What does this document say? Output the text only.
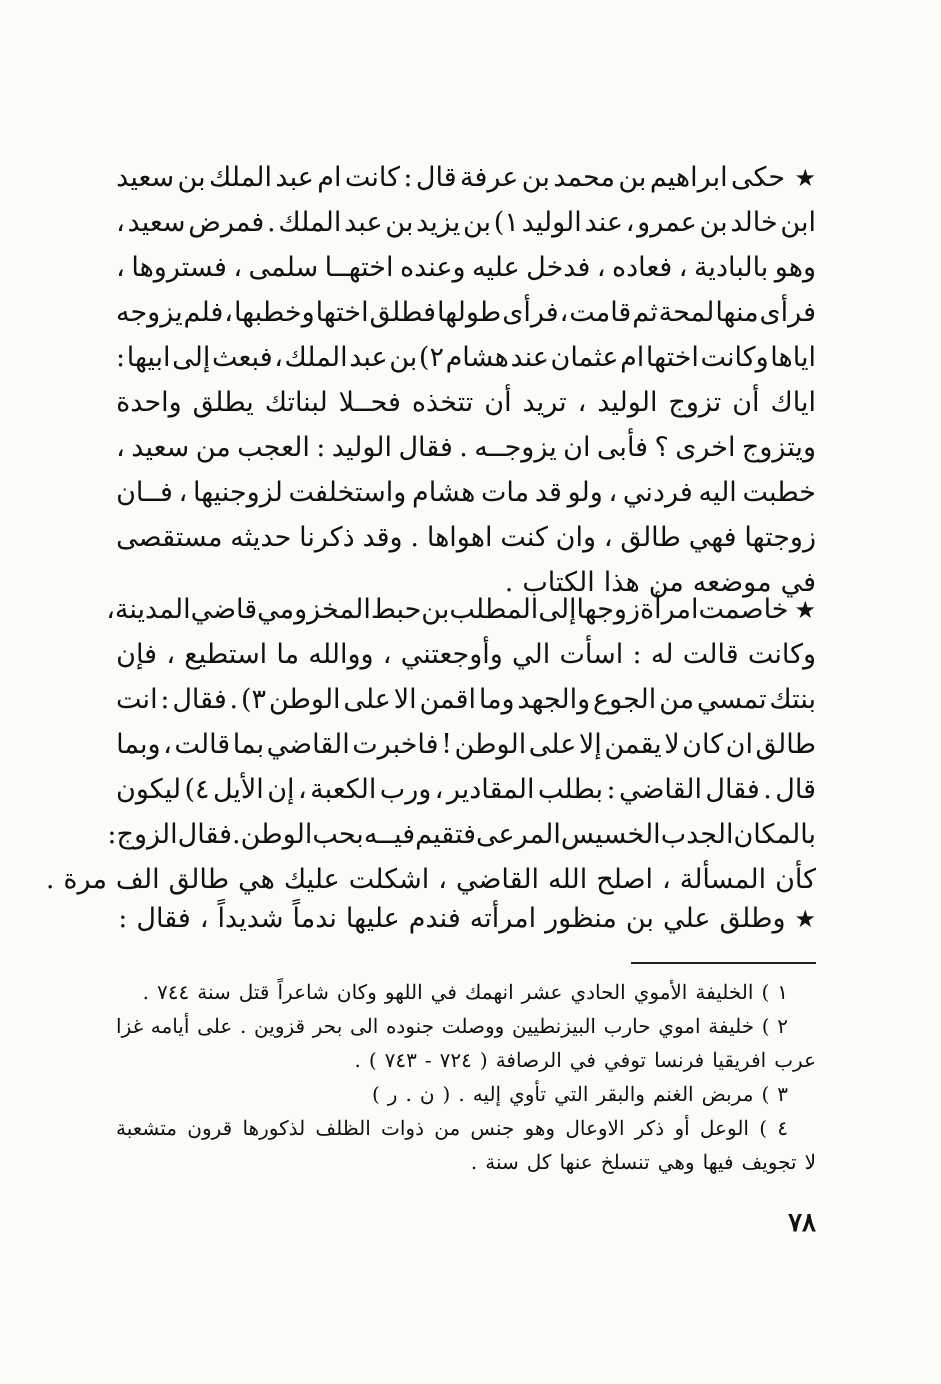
★
حكى
ابراهيم
بن
محمد
بن
عرفة
قال
:
كانت
ام
عبد
الملك
بن
سعيد
ابن
خالد
بن
عمرو
،
عند
الوليد
١)
بن
يزيد
بن
عبد
الملك
.
فمرض
سعيد
،
وهو
بالبادية
،
فعاده
،
فدخل
عليه
وعنده
اختهــا
سلمى
،
فستروها
،
فرأى
منها
لمحة
ثم
قامت
،
فرأى
طولها
فطلق
اختها
وخطبها
،
فلم
يزوجه
اياها
وكانت
اختها
ام
عثمان
عند
هشام
٢)
بن
عبد
الملك
،
فبعث
إلى
ابيها
:
اياك
أن
تزوج
الوليد
،
تريد
أن
تتخذه
فحــلا
لبناتك
يطلق
واحدة
ويتزوج
اخرى
؟
فأبى
ان
يزوجــه
.
فقال
الوليد
:
العجب
من
سعيد
،
خطبت
اليه
فردني
،
ولو
قد
مات
هشام
واستخلفت
لزوجنيها
،
فــان
زوجتها
فهي
طالق
،
وان
كنت
اهواها
.
وقد
ذكرنا
حديثه
مستقصى
في
موضعه
من
هذا
الكتاب
.
★
خاصمت
امرأة
زوجها
إلى
المطلب
بن
حبط
المخزومي
قاضي
المدينة
،
وكانت
قالت
له
:
اسأت
الي
وأوجعتني
،
ووالله
ما
استطيع
،
فإن
بنتك
تمسي
من
الجوع
والجهد
وما
اقمن
الا
على
الوطن
٣)
.
فقال
:
انت
طالق
ان
كان
لا
يقمن
إلا
على
الوطن
!
فاخبرت
القاضي
بما
قالت
،
وبما
قال
.
فقال
القاضي
:
بطلب
المقادير
،
ورب
الكعبة
،
إن
الأيل
٤)
ليكون
بالمكان
الجدب
الخسيس
المرعى
فتقيم
فيــه
بحب
الوطن
.
فقال
الزوج
:
كأن
المسألة
،
اصلح
الله
القاضي
،
اشكلت
عليك
هي
طالق
الف
مرة
.
★
وطلق
علي
بن
منظور
امرأته
فندم
عليها
ندماً
شديداً
،
فقال
:
١
)
الخليفة
الأموي
الحادي
عشر
انهمك
في
اللهو
وكان
شاعراً
قتل
سنة
٧٤٤
.
٢
)
خليفة
اموي
حارب
البيزنطيين
ووصلت
جنوده
الى
بحر
قزوين
.
على
أيامه
غزا
عرب
افريقيا
فرنسا
توفي
في
الرصافة
(
٧٢٤
-
٧٤٣
)
.
٣
)
مربض
الغنم
والبقر
التي
تأوي
إليه
.
(
ن
.
ر
)
٤
)
الوعل
أو
ذكر
الاوعال
وهو
جنس
من
ذوات
الظلف
لذكورها
قرون
متشعبة
لا
تجويف
فيها
وهي
تنسلخ
عنها
كل
سنة
.
٧٨
